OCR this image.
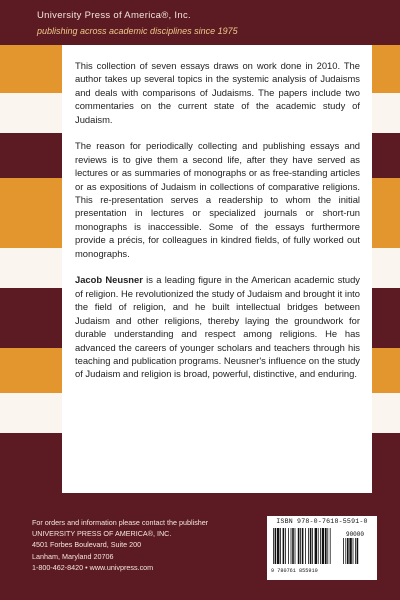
University Press of America®, Inc.
publishing across academic disciplines since 1975

This collection of seven essays draws on work done in 2010. The author takes up several topics in the systemic analysis of Judaisms and deals with comparisons of Judaisms. The papers include two commentaries on the current state of the academic study of Judaism.

The reason for periodically collecting and publishing essays and reviews is to give them a second life, after they have served as lectures or as summaries of monographs or as free-standing articles or as expositions of Judaism in collections of comparative religions. This re-presentation serves a readership to whom the initial presentation in lectures or specialized journals or short-run monographs is inaccessible. Some of the essays furthermore provide a précis, for colleagues in kindred fields, of fully worked out monographs.

Jacob Neusner is a leading figure in the American academic study of religion. He revolutionized the study of Judaism and brought it into the field of religion, and he built intellectual bridges between Judaism and other religions, thereby laying the groundwork for durable understanding and respect among religions. He has advanced the careers of younger scholars and teachers through his teaching and publication programs. Neusner's influence on the study of Judaism and religion is broad, powerful, distinctive, and enduring.

For orders and information please contact the publisher
UNIVERSITY PRESS OF AMERICA®, INC.
4501 Forbes Boulevard, Suite 200
Lanham, Maryland 20706
1-800-462-8420 • www.univpress.com
ISBN 978-0-7618-5591-0
90000
9 780761 855910
